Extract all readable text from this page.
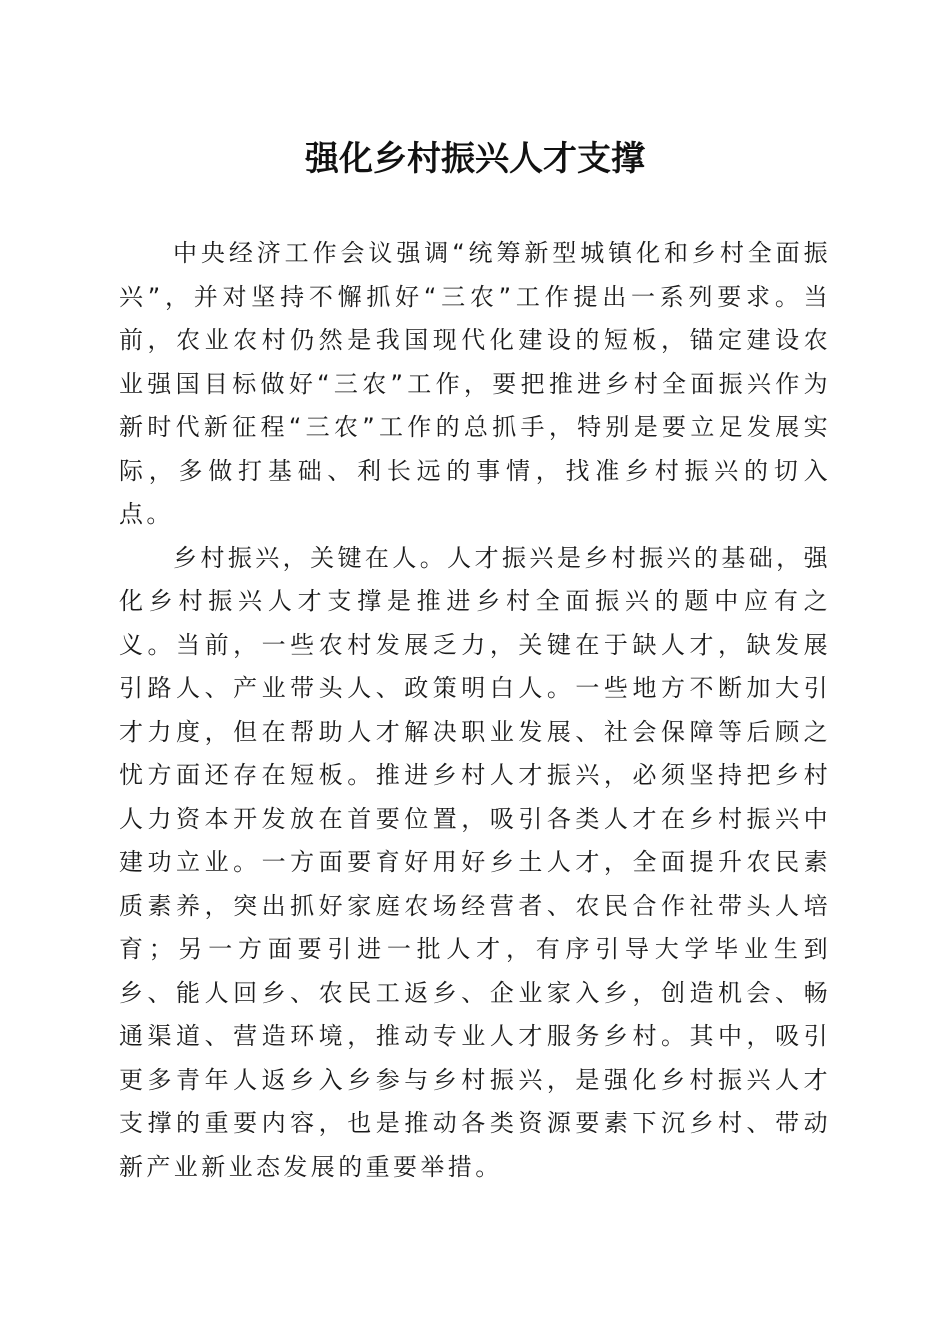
强化乡村振兴人才支撑

中央经济工作会议强调“统筹新型城镇化和乡村全面振兴”，并对坚持不懈抓好“三农”工作提出一系列要求。当前，农业农村仍然是我国现代化建设的短板，锚定建设农业强国目标做好“三农”工作，要把推进乡村全面振兴作为新时代新征程“三农”工作的总抓手，特别是要立足发展实际，多做打基础、利长远的事情，找准乡村振兴的切入点。

乡村振兴，关键在人。人才振兴是乡村振兴的基础，强化乡村振兴人才支撑是推进乡村全面振兴的题中应有之义。当前，一些农村发展乏力，关键在于缺人才，缺发展引路人、产业带头人、政策明白人。一些地方不断加大引才力度，但在帮助人才解决职业发展、社会保障等后顾之忧方面还存在短板。推进乡村人才振兴，必须坚持把乡村人力资本开发放在首要位置，吸引各类人才在乡村振兴中建功立业。一方面要育好用好乡土人才，全面提升农民素质素养，突出抓好家庭农场经营者、农民合作社带头人培育；另一方面要引进一批人才，有序引导大学毕业生到乡、能人回乡、农民工返乡、企业家入乡，创造机会、畅通渠道、营造环境，推动专业人才服务乡村。其中，吸引更多青年人返乡入乡参与乡村振兴，是强化乡村振兴人才支撑的重要内容，也是推动各类资源要素下沉乡村、带动新产业新业态发展的重要举措。
